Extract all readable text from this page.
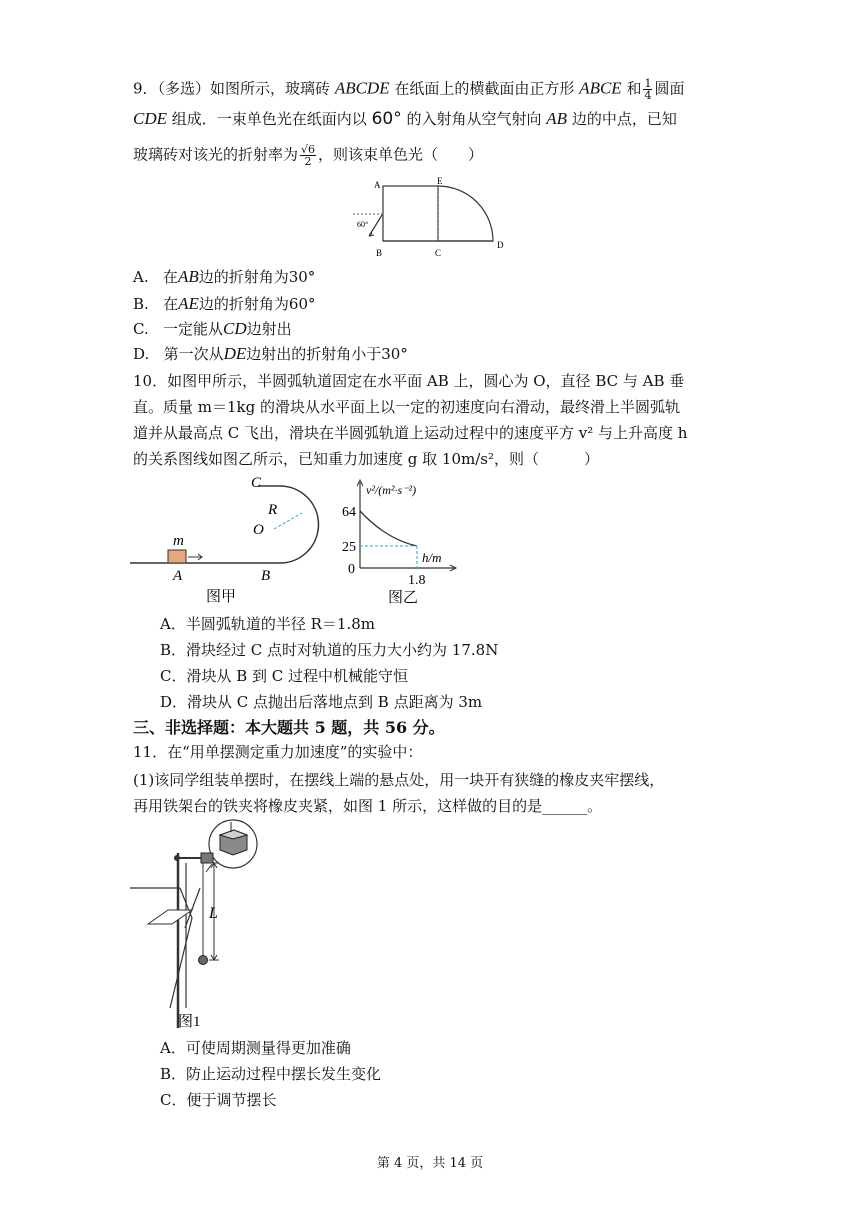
9．（多选）如图所示，玻璃砖 ABCDE 在纸面上的横截面由正方形 ABCE 和 $\frac{1}{4}$ 圆面
CDE 组成．一束单色光在纸面内以 60° 的入射角从空气射向 AB 边的中点，已知
玻璃砖对该光的折射率为 $\frac{√6}{2}$ ，则该束单色光（　　）
A	E
B	C
D
60°
A. 在AB边的折射角为30°
B. 在AE边的折射角为60°
C. 一定能从CD边射出
D. 第一次从DE边射出的折射角小于30°
10．如图甲所示，半圆弧轨道固定在水平面 AB 上，圆心为 O，直径 BC 与 AB 垂
直。质量 m＝1kg 的滑块从水平面上以一定的初速度向右滑动，最终滑上半圆弧轨
道并从最高点 C 飞出，滑块在半圆弧轨道上运动过程中的速度平方 v² 与上升高度 h
的关系图线如图乙所示，已知重力加速度 g 取 10m/s²，则（　　　）
C
R
O
m
A	B
图甲
v²/(m²·s⁻²)
64
25
0
h/m
1.8
图乙
A．半圆弧轨道的半径 R＝1.8m
B．滑块经过 C 点时对轨道的压力大小约为 17.8N
C．滑块从 B 到 C 过程中机械能守恒
D．滑块从 C 点抛出后落地点到 B 点距离为 3m
三、非选择题：本大题共 5 题，共 56 分。
11．在“用单摆测定重力加速度”的实验中：
(1)该同学组装单摆时，在摆线上端的悬点处，用一块开有狭缝的橡皮夹牢摆线，
再用铁架台的铁夹将橡皮夹紧，如图 1 所示，这样做的目的是______。
L
图1
A．可使周期测量得更加准确
B．防止运动过程中摆长发生变化
C．便于调节摆长
第 4 页，共 14 页
